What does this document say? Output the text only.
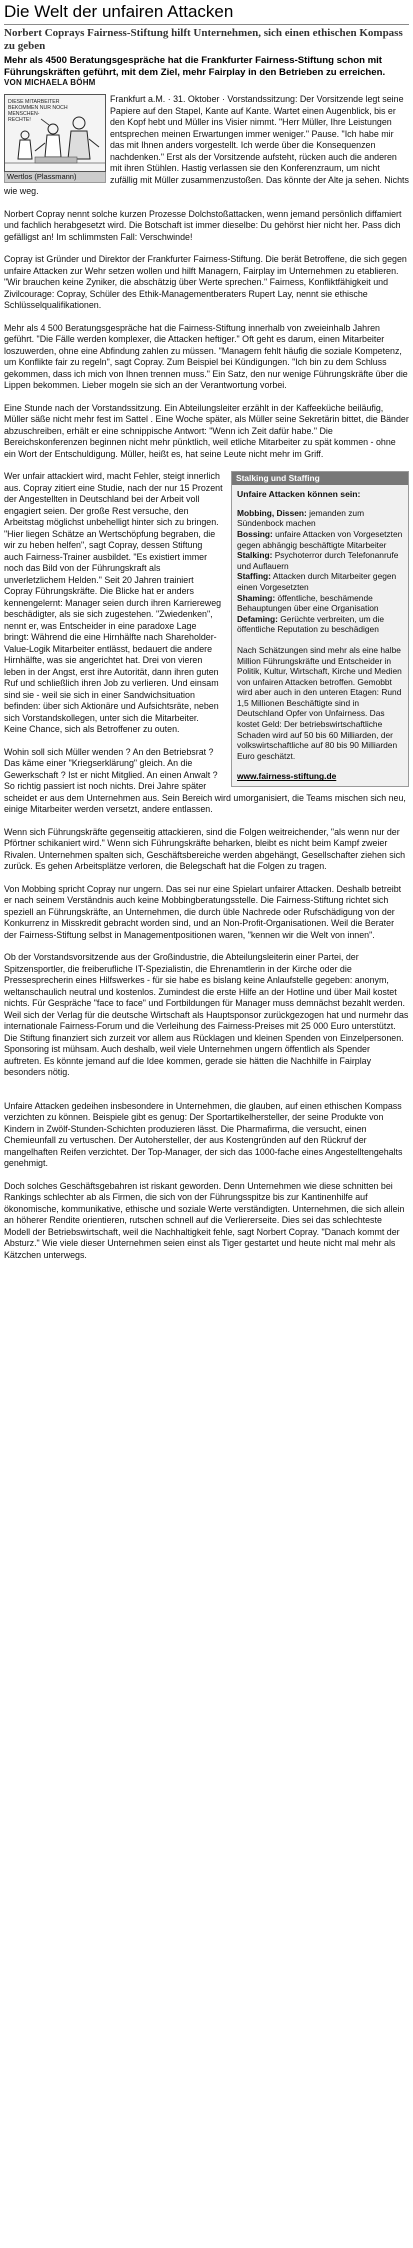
Die Welt der unfairen Attacken
Norbert Coprays Fairness-Stiftung hilft Unternehmen, sich einen ethischen Kompass zu geben

Mehr als 4500 Beratungsgespräche hat die Frankfurter Fairness-Stiftung schon mit Führungskräften geführt, mit dem Ziel, mehr Fairplay in den Betrieben zu erreichen.

VON MICHAELA BÖHM
DIESE MITARBEITER
BEKOMMEN NUR NOCH
MENSCHEN-
RECHTE!
Wertlos (Plassmann)

Frankfurt a.M. · 31. Oktober · Vorstandssitzung: Der Vorsitzende legt seine Papiere auf den Stapel, Kante auf Kante. Wartet einen Augenblick, bis er den Kopf hebt und Müller ins Visier nimmt. "Herr Müller, Ihre Leistungen entsprechen meinen Erwartungen immer weniger." Pause. "Ich habe mir das mit Ihnen anders vorgestellt. Ich werde über die Konsequenzen nachdenken." Erst als der Vorsitzende aufsteht, rücken auch die anderen mit ihren Stühlen. Hastig verlassen sie den Konferenzraum, um nicht zufällig mit Müller zusammenzustoßen. Das könnte der Alte ja sehen. Nichts wie weg.

Norbert Copray nennt solche kurzen Prozesse Dolchstoßattacken, wenn jemand persönlich diffamiert und fachlich herabgesetzt wird. Die Botschaft ist immer dieselbe: Du gehörst hier nicht her. Pass dich gefälligst an! Im schlimmsten Fall: Verschwinde!

Copray ist Gründer und Direktor der Frankfurter Fairness-Stiftung. Die berät Betroffene, die sich gegen unfaire Attacken zur Wehr setzen wollen und hilft Managern, Fairplay im Unternehmen zu etablieren. "Wir brauchen keine Zyniker, die abschätzig über Werte sprechen." Fairness, Konfliktfähigkeit und Zivilcourage: Copray, Schüler des Ethik-Managementberaters Rupert Lay, nennt sie ethische Schlüsselqualifikationen.

Mehr als 4 500 Beratungsgespräche hat die Fairness-Stiftung innerhalb von zweieinhalb Jahren geführt. "Die Fälle werden komplexer, die Attacken heftiger." Oft geht es darum, einen Mitarbeiter loszuwerden, ohne eine Abfindung zahlen zu müssen. "Managern fehlt häufig die soziale Kompetenz, um Konflikte fair zu regeln", sagt Copray. Zum Beispiel bei Kündigungen. "Ich bin zu dem Schluss gekommen, dass ich mich von Ihnen trennen muss." Ein Satz, den nur wenige Führungskräfte über die Lippen bekommen. Lieber mogeln sie sich an der Verantwortung vorbei.

Eine Stunde nach der Vorstandssitzung. Ein Abteilungsleiter erzählt in der Kaffeeküche beiläufig, Müller säße nicht mehr fest im Sattel . Eine Woche später, als Müller seine Sekretärin bittet, die Bänder abzuschreiben, erhält er eine schnippische Antwort: "Wenn ich Zeit dafür habe." Die Bereichskonferenzen beginnen nicht mehr pünktlich, weil etliche Mitarbeiter zu spät kommen - ohne ein Wort der Entschuldigung. Müller, heißt es, hat seine Leute nicht mehr im Griff.

Stalking und Staffing

Unfaire Attacken können sein:

Mobbing, Dissen: jemanden zum Sündenbock machen
Bossing: unfaire Attacken von Vorgesetzten gegen abhängig beschäftigte Mitarbeiter
Stalking: Psychoterror durch Telefonanrufe und Auflauern
Staffing: Attacken durch Mitarbeiter gegen einen Vorgesetzten
Shaming: öffentliche, beschämende Behauptungen über eine Organisation
Defaming: Gerüchte verbreiten, um die öffentliche Reputation zu beschädigen

Nach Schätzungen sind mehr als eine halbe Million Führungskräfte und Entscheider in Politik, Kultur, Wirtschaft, Kirche und Medien von unfairen Attacken betroffen. Gemobbt wird aber auch in den unteren Etagen: Rund 1,5 Millionen Beschäftigte sind in Deutschland Opfer von Unfairness. Das kostet Geld: Der betriebswirtschaftliche Schaden wird auf 50 bis 60 Milliarden, der volkswirtschaftliche auf 80 bis 90 Milliarden Euro geschätzt.

www.fairness-stiftung.de

Wer unfair attackiert wird, macht Fehler, steigt innerlich aus. Copray zitiert eine Studie, nach der nur 15 Prozent der Angestellten in Deutschland bei der Arbeit voll engagiert seien. Der große Rest versuche, den Arbeitstag möglichst unbehelligt hinter sich zu bringen. "Hier liegen Schätze an Wertschöpfung begraben, die wir zu heben helfen", sagt Copray, dessen Stiftung auch Fairness-Trainer ausbildet. "Es existiert immer noch das Bild von der Führungskraft als unverletzlichem Helden." Seit 20 Jahren trainiert Copray Führungskräfte. Die Blicke hat er anders kennengelernt: Manager seien durch ihren Karriereweg beschädigter, als sie sich zugestehen. "Zwiedenken", nennt er, was Entscheider in eine paradoxe Lage bringt: Während die eine Hirnhälfte nach Shareholder-Value-Logik Mitarbeiter entlässt, bedauert die andere Hirnhälfte, was sie angerichtet hat. Drei von vieren leben in der Angst, erst ihre Autorität, dann ihren guten Ruf und schließlich ihren Job zu verlieren. Und einsam sind sie - weil sie sich in einer Sandwichsituation befinden: über sich Aktionäre und Aufsichtsräte, neben sich Vorstandskollegen, unter sich die Mitarbeiter. Keine Chance, sich als Betroffener zu outen.

Wohin soll sich Müller wenden ? An den Betriebsrat ? Das käme einer "Kriegserklärung" gleich. An die Gewerkschaft ? Ist er nicht Mitglied. An einen Anwalt ? So richtig passiert ist noch nichts. Drei Jahre später scheidet er aus dem Unternehmen aus. Sein Bereich wird umorganisiert, die Teams mischen sich neu, einige Mitarbeiter werden versetzt, andere entlassen.

Wenn sich Führungskräfte gegenseitig attackieren, sind die Folgen weitreichender, "als wenn nur der Pförtner schikaniert wird." Wenn sich Führungskräfte beharken, bleibt es nicht beim Kampf zweier Rivalen. Unternehmen spalten sich, Geschäftsbereiche werden abgehängt, Gesellschafter ziehen sich zurück. Es gehen Arbeitsplätze verloren, die Belegschaft hat die Folgen zu tragen.

Von Mobbing spricht Copray nur ungern. Das sei nur eine Spielart unfairer Attacken. Deshalb betreibt er nach seinem Verständnis auch keine Mobbingberatungsstelle. Die Fairness-Stiftung richtet sich speziell an Führungskräfte, an Unternehmen, die durch üble Nachrede oder Rufschädigung von der Konkurrenz in Misskredit gebracht worden sind, und an Non-Profit-Organisationen. Weil die Berater der Fairness-Stiftung selbst in Managementpositionen waren, "kennen wir die Welt von innen".

Ob der Vorstandsvorsitzende aus der Großindustrie, die Abteilungsleiterin einer Partei, der Spitzensportler, die freiberufliche IT-Spezialistin, die Ehrenamtlerin in der Kirche oder die Pressesprecherin eines Hilfswerkes - für sie habe es bislang keine Anlaufstelle gegeben: anonym, weltanschaulich neutral und kostenlos. Zumindest die erste Hilfe an der Hotline und über Mail kostet nichts. Für Gespräche "face to face" und Fortbildungen für Manager muss demnächst bezahlt werden. Weil sich der Verlag für die deutsche Wirtschaft als Hauptsponsor zurückgezogen hat und nurmehr das internationale Fairness-Forum und die Verleihung des Fairness-Preises mit 25 000 Euro unterstützt. Die Stiftung finanziert sich zurzeit vor allem aus Rücklagen und kleinen Spenden von Einzelpersonen. Sponsoring ist mühsam. Auch deshalb, weil viele Unternehmen ungern öffentlich als Spender auftreten. Es könnte jemand auf die Idee kommen, gerade sie hätten die Nachhilfe in Fairplay besonders nötig.

Unfaire Attacken gedeihen insbesondere in Unternehmen, die glauben, auf einen ethischen Kompass verzichten zu können. Beispiele gibt es genug: Der Sportartikelhersteller, der seine Produkte von Kindern in Zwölf-Stunden-Schichten produzieren lässt. Die Pharmafirma, die versucht, einen Chemieunfall zu vertuschen. Der Autohersteller, der aus Kostengründen auf den Rückruf der mangelhaften Reifen verzichtet. Der Top-Manager, der sich das 1000-fache eines Angestelltengehalts genehmigt.

Doch solches Geschäftsgebahren ist riskant geworden. Denn Unternehmen wie diese schnitten bei Rankings schlechter ab als Firmen, die sich von der Führungsspitze bis zur Kantinenhilfe auf ökonomische, kommunikative, ethische und soziale Werte verständigten. Unternehmen, die sich allein an höherer Rendite orientieren, rutschen schnell auf die Verliererseite. Dies sei das schlechteste Modell der Betriebswirtschaft, weil die Nachhaltigkeit fehle, sagt Norbert Copray. "Danach kommt der Absturz." Wie viele dieser Unternehmen seien einst als Tiger gestartet und heute nicht mal mehr als Kätzchen unterwegs.
